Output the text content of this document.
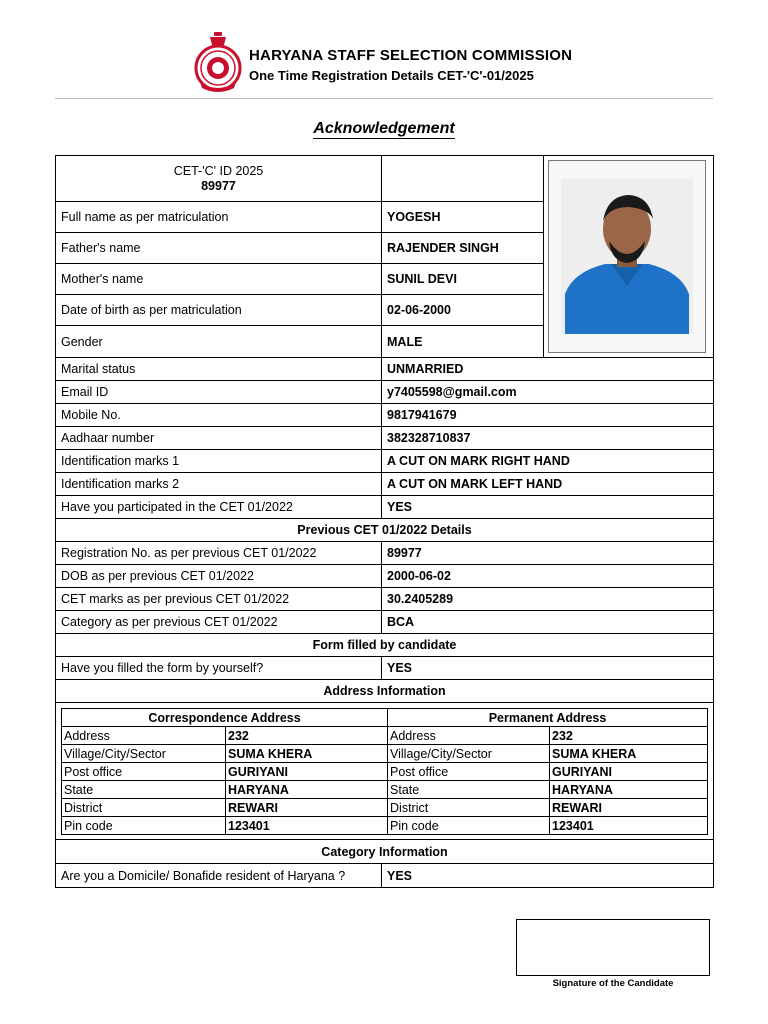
HARYANA STAFF SELECTION COMMISSION
One Time Registration Details CET-'C'-01/2025
Acknowledgement
CET-'C' ID 2025
89977

Full name as per matriculation	YOGESH
Father's name	RAJENDER SINGH
Mother's name	SUNIL DEVI
Date of birth as per matriculation	02-06-2000
Gender	MALE
Marital status	UNMARRIED
Email ID	y7405598@gmail.com
Mobile No.	9817941679
Aadhaar number	382328710837
Identification marks 1	A CUT ON MARK RIGHT HAND
Identification marks 2	A CUT ON MARK LEFT HAND
Have you participated in the CET 01/2022	YES
Previous CET 01/2022 Details
Registration No. as per previous CET 01/2022	89977
DOB as per previous CET 01/2022	2000-06-02
CET marks as per previous CET 01/2022	30.2405289
Category as per previous CET 01/2022	BCA
Form filled by candidate
Have you filled the form by yourself?	YES
Address Information

Correspondence Address	Permanent Address
Address	232	Address	232
Village/City/Sector	SUMA KHERA	Village/City/Sector	SUMA KHERA
Post office	GURIYANI	Post office	GURIYANI
State	HARYANA	State	HARYANA
District	REWARI	District	REWARI
Pin code	123401	Pin code	123401

Category Information
Are you a Domicile/ Bonafide resident of Haryana ?	YES
Signature of the Candidate
